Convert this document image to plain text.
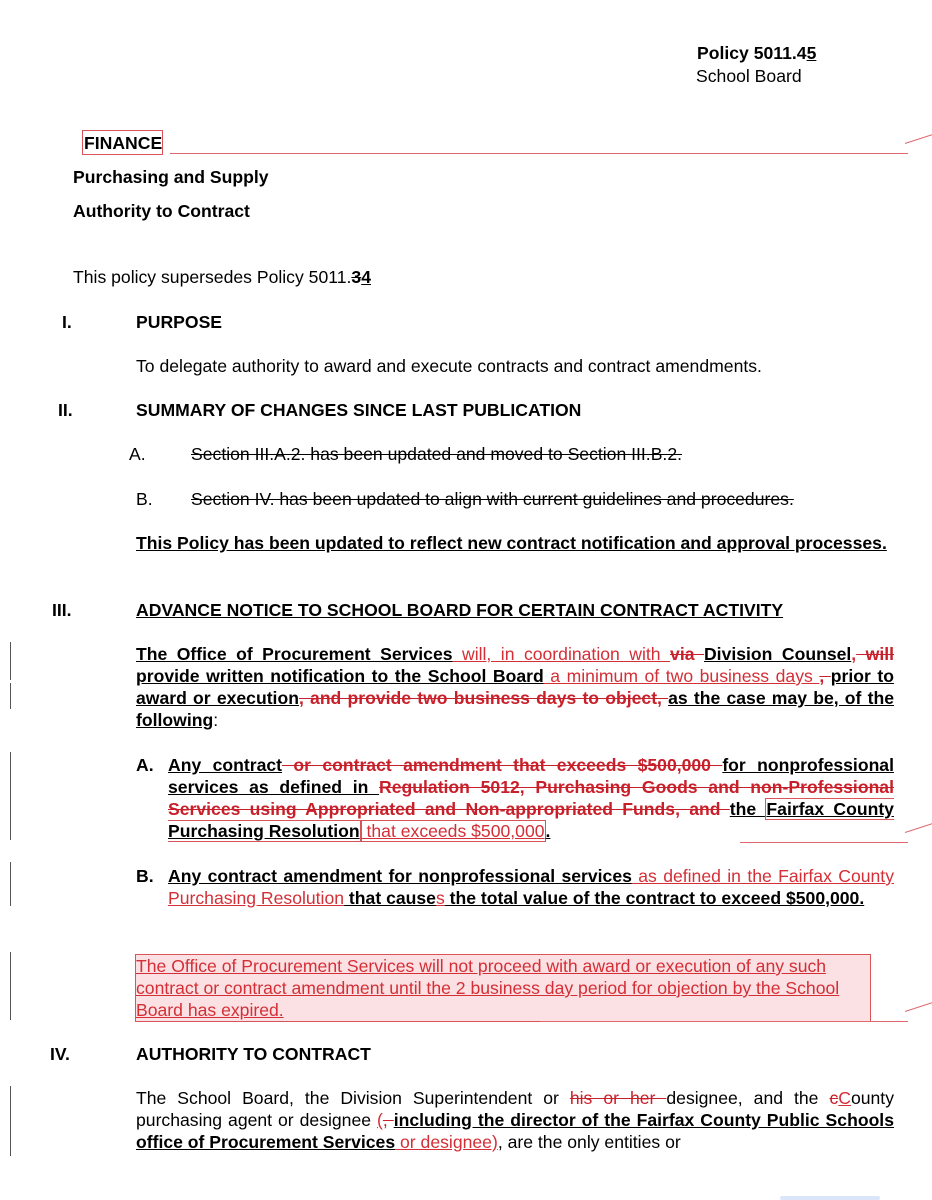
Policy 5011.45
School Board
FINANCE
Purchasing and Supply
Authority to Contract
This policy supersedes Policy 5011.34
I.	PURPOSE
To delegate authority to award and execute contracts and contract amendments.
II.	SUMMARY OF CHANGES SINCE LAST PUBLICATION
A.	Section III.A.2. has been updated and moved to Section III.B.2.
B. Section IV. has been updated to align with current guidelines and procedures.

This Policy has been updated to reflect new contract notification and approval processes.

III.	ADVANCE NOTICE TO SCHOOL BOARD FOR CERTAIN CONTRACT ACTIVITY

The Office of Procurement Services will, in coordination with via Division Counsel, will provide written notification to the School Board a minimum of two business days , prior to award or execution, and provide two business days to object, as the case may be, of the following:

A. Any contract or contract amendment that exceeds $500,000 for nonprofessional services as defined in Regulation 5012, Purchasing Goods and non-Professional Services using Appropriated and Non-appropriated Funds, and the Fairfax County Purchasing Resolution that exceeds $500,000.

B. Any contract amendment for nonprofessional services as defined in the Fairfax County Purchasing Resolution that causes the total value of the contract to exceed $500,000.

The Office of Procurement Services will not proceed with award or execution of any such contract or contract amendment until the 2 business day period for objection by the School Board has expired.

IV.	AUTHORITY TO CONTRACT

The School Board, the Division Superintendent or his or her designee, and the cCounty purchasing agent or designee (, including the director of the Fairfax County Public Schools office of Procurement Services or designee), are the only entities or
